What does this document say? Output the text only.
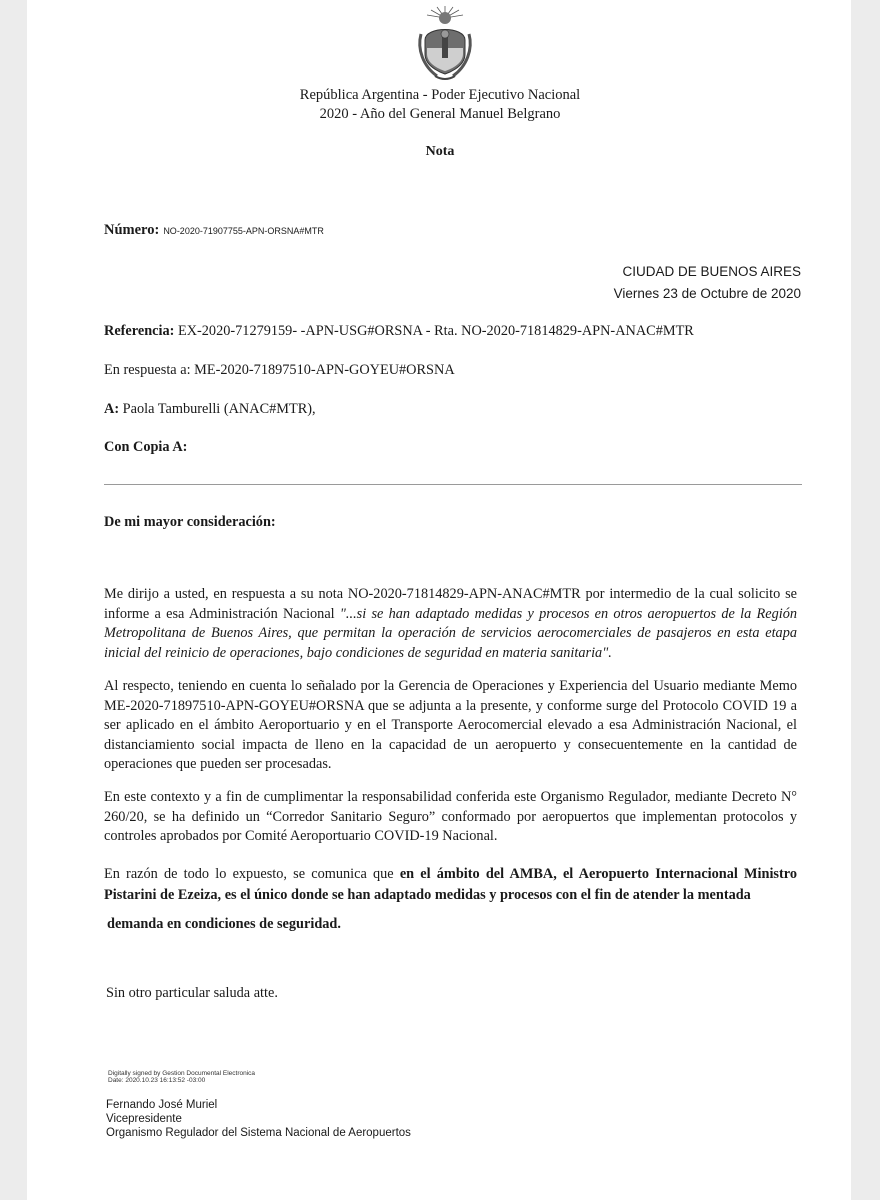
República Argentina - Poder Ejecutivo Nacional
2020 - Año del General Manuel Belgrano
Nota
Número: NO-2020-71907755-APN-ORSNA#MTR
CIUDAD DE BUENOS AIRES
Viernes 23 de Octubre de 2020
Referencia: EX-2020-71279159- -APN-USG#ORSNA - Rta. NO-2020-71814829-APN-ANAC#MTR
En respuesta a: ME-2020-71897510-APN-GOYEU#ORSNA
A: Paola Tamburelli (ANAC#MTR),
Con Copia A:
De mi mayor consideración:
Me dirijo a usted, en respuesta a su nota NO-2020-71814829-APN-ANAC#MTR por intermedio de la cual solicito se informe a esa Administración Nacional "...si se han adaptado medidas y procesos en otros aeropuertos de la Región Metropolitana de Buenos Aires, que permitan la operación de servicios aerocomerciales de pasajeros en esta etapa inicial del reinicio de operaciones, bajo condiciones de seguridad en materia sanitaria".
Al respecto, teniendo en cuenta lo señalado por la Gerencia de Operaciones y Experiencia del Usuario mediante Memo ME-2020-71897510-APN-GOYEU#ORSNA que se adjunta a la presente, y conforme surge del Protocolo COVID 19 a ser aplicado en el ámbito Aeroportuario y en el Transporte Aerocomercial elevado a esa Administración Nacional, el distanciamiento social impacta de lleno en la capacidad de un aeropuerto y consecuentemente en la cantidad de operaciones que pueden ser procesadas.
En este contexto y a fin de cumplimentar la responsabilidad conferida este Organismo Regulador, mediante Decreto N° 260/20, se ha definido un “Corredor Sanitario Seguro” conformado por aeropuertos que implementan protocolos y controles aprobados por Comité Aeroportuario COVID-19 Nacional.
En razón de todo lo expuesto, se comunica que en el ámbito del AMBA, el Aeropuerto Internacional Ministro Pistarini de Ezeiza, es el único donde se han adaptado medidas y procesos con el fin de atender la mentada
demanda en condiciones de seguridad.
Sin otro particular saluda atte.
Digitally signed by Gestion Documental Electronica
Date: 2020.10.23 16:13:52 -03:00
Fernando José Muriel
Vicepresidente
Organismo Regulador del Sistema Nacional de Aeropuertos
